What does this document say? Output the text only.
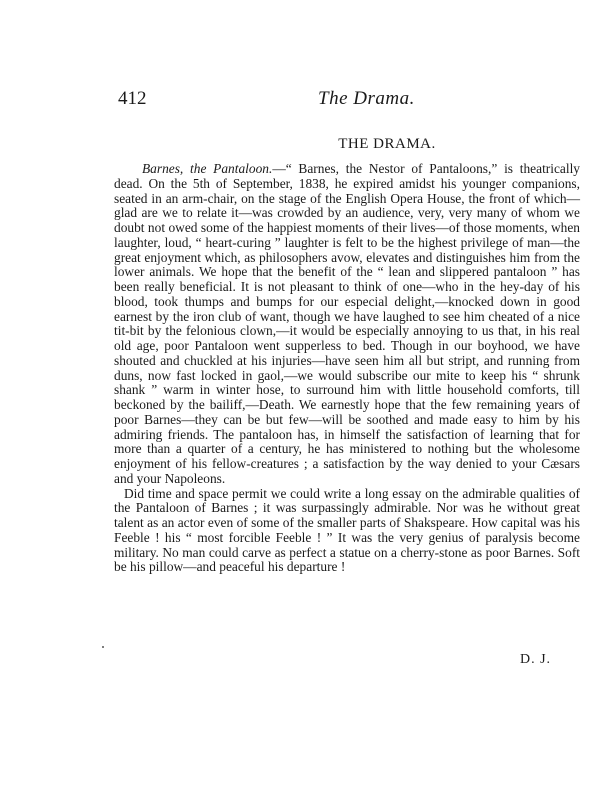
412	The Drama.
THE DRAMA.

Barnes, the Pantaloon.—“ Barnes, the Nestor of Pantaloons,” is theatrically dead. On the 5th of September, 1838, he expired amidst his younger companions, seated in an arm-chair, on the stage of the English Opera House, the front of which—glad are we to relate it—was crowded by an audience, very, very many of whom we doubt not owed some of the happiest moments of their lives—of those moments, when laughter, loud, “ heart-curing ” laughter is felt to be the highest privilege of man—the great enjoyment which, as philosophers avow, elevates and distinguishes him from the lower animals. We hope that the benefit of the “ lean and slippered pantaloon ” has been really beneficial. It is not pleasant to think of one—who in the hey-day of his blood, took thumps and bumps for our especial delight,—knocked down in good earnest by the iron club of want, though we have laughed to see him cheated of a nice tit-bit by the felonious clown,—it would be especially annoying to us that, in his real old age, poor Pantaloon went supperless to bed. Though in our boyhood, we have shouted and chuckled at his injuries—have seen him all but stript, and running from duns, now fast locked in gaol,—we would subscribe our mite to keep his “ shrunk shank ” warm in winter hose, to surround him with little household comforts, till beckoned by the bailiff,—Death. We earnestly hope that the few remaining years of poor Barnes—they can be but few—will be soothed and made easy to him by his admiring friends. The pantaloon has, in himself the satisfaction of learning that for more than a quarter of a century, he has ministered to nothing but the wholesome enjoyment of his fellow-creatures ; a satisfaction by the way denied to your Cæsars and your Napoleons.

Did time and space permit we could write a long essay on the admirable qualities of the Pantaloon of Barnes ; it was surpassingly admirable. Nor was he without great talent as an actor even of some of the smaller parts of Shakspeare. How capital was his Feeble ! his “ most forcible Feeble ! ” It was the very genius of paralysis become military. No man could carve as perfect a statue on a cherry-stone as poor Barnes. Soft be his pillow—and peaceful his departure !

D. J.
